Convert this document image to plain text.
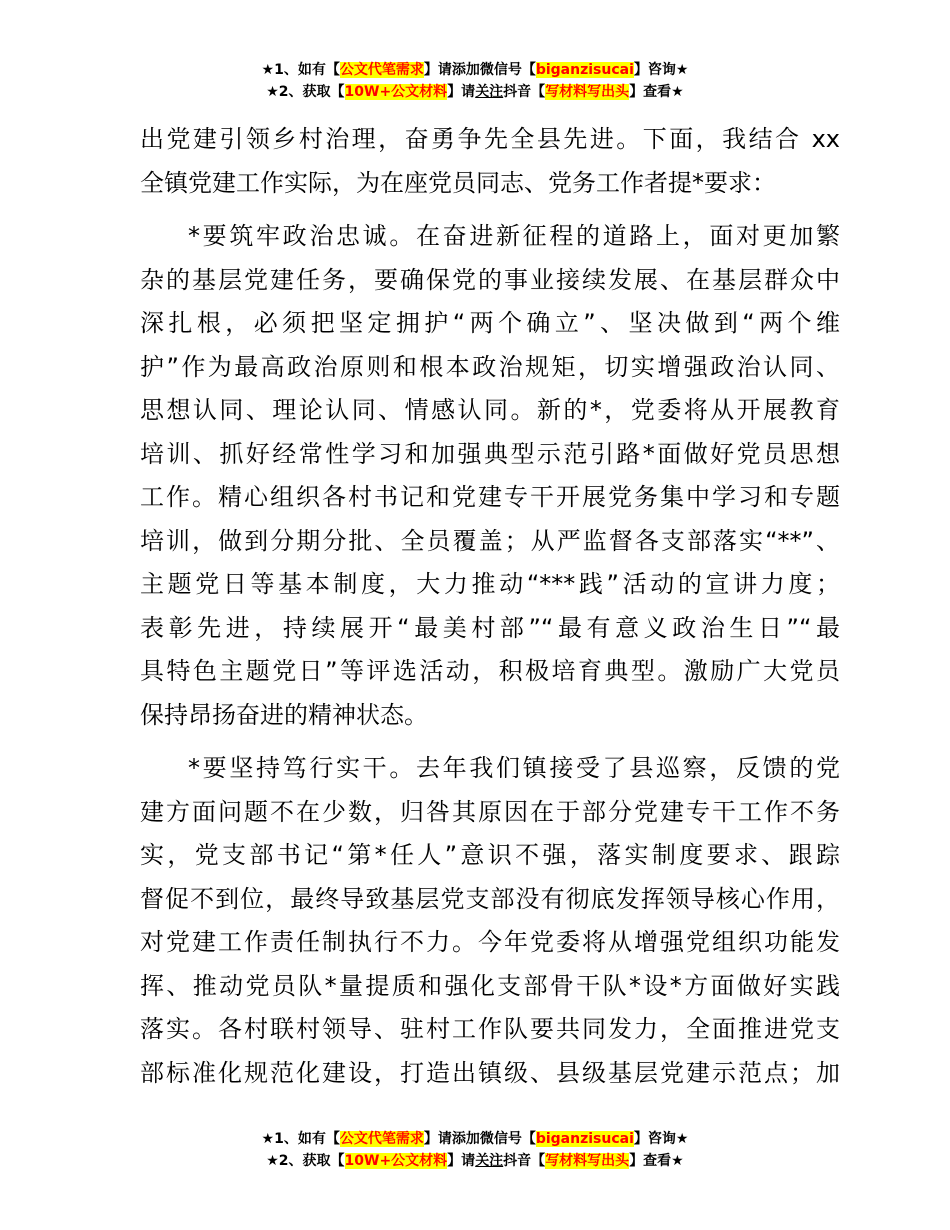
★1、如有【公文代笔需求】请添加微信号【biganzisucai】咨询★
★2、获取【10W+公文材料】请关注抖音【写材料写出头】查看★
出党建引领乡村治理，奋勇争先全县先进。下面，我结合 xx
全镇党建工作实际，为在座党员同志、党务工作者提*要求：
*要筑牢政治忠诚。在奋进新征程的道路上，面对更加繁
杂的基层党建任务，要确保党的事业接续发展、在基层群众中
深扎根，必须把坚定拥护“两个确立”、坚决做到“两个维
护”作为最高政治原则和根本政治规矩，切实增强政治认同、
思想认同、理论认同、情感认同。新的*，党委将从开展教育
培训、抓好经常性学习和加强典型示范引路*面做好党员思想
工作。精心组织各村书记和党建专干开展党务集中学习和专题
培训，做到分期分批、全员覆盖；从严监督各支部落实“**”、
主题党日等基本制度，大力推动“***践”活动的宣讲力度；
表彰先进，持续展开“最美村部”“最有意义政治生日”“最
具特色主题党日”等评选活动，积极培育典型。激励广大党员
保持昂扬奋进的精神状态。
*要坚持笃行实干。去年我们镇接受了县巡察，反馈的党
建方面问题不在少数，归咎其原因在于部分党建专干工作不务
实，党支部书记“第*任人”意识不强，落实制度要求、跟踪
督促不到位，最终导致基层党支部没有彻底发挥领导核心作用，
对党建工作责任制执行不力。今年党委将从增强党组织功能发
挥、推动党员队*量提质和强化支部骨干队*设*方面做好实践
落实。各村联村领导、驻村工作队要共同发力，全面推进党支
部标准化规范化建设，打造出镇级、县级基层党建示范点；加
★1、如有【公文代笔需求】请添加微信号【biganzisucai】咨询★
★2、获取【10W+公文材料】请关注抖音【写材料写出头】查看★
